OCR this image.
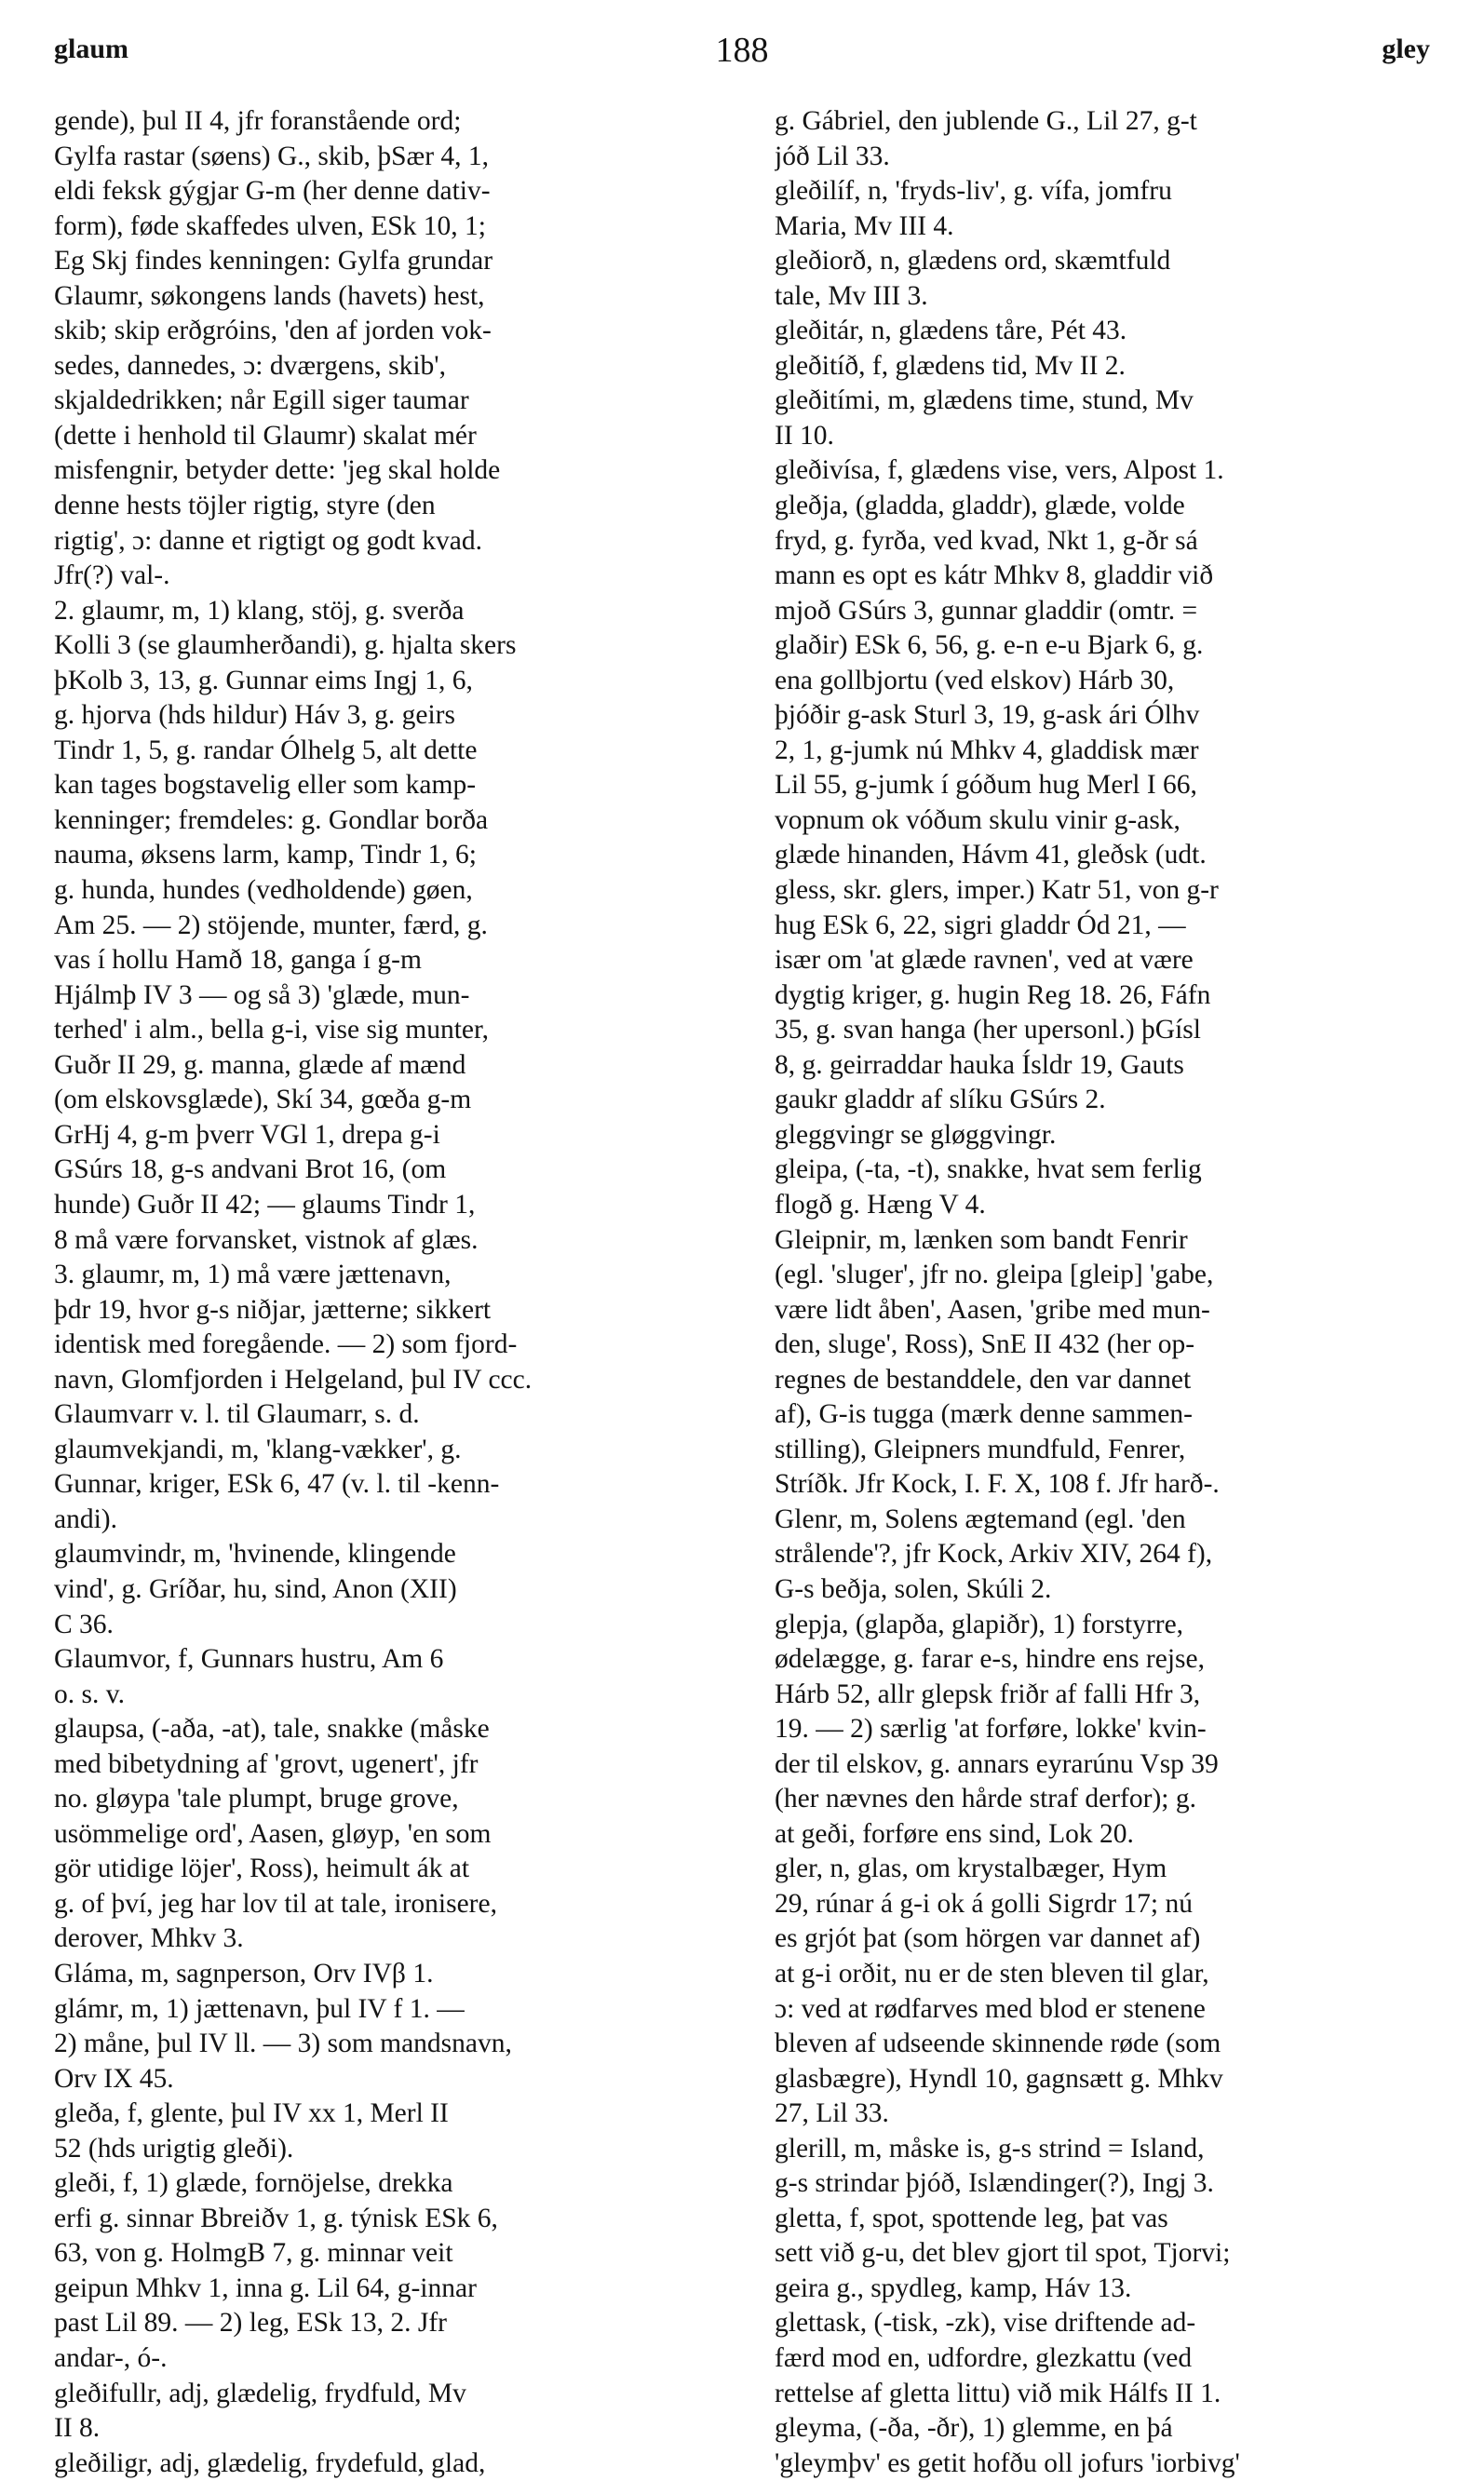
glaum	188	gley
gende), þul II 4, jfr foranstående ord;
Gylfa rastar (søens) G., skib, þSær 4, 1,
eldi feksk gýgjar G-m (her denne dativ-
form), føde skaffedes ulven, ESk 10, 1;
Eg Skj findes kenningen: Gylfa grundar
Glaumr, søkongens lands (havets) hest,
skib; skip erðgróins, 'den af jorden vok-
sedes, dannedes, ɔ: dværgens, skib',
skjaldedrikken; når Egill siger taumar
(dette i henhold til Glaumr) skalat mér
misfengnir, betyder dette: 'jeg skal holde
denne hests töjler rigtig, styre (den
rigtig', ɔ: danne et rigtigt og godt kvad.
Jfr(?) val-.
2. glaumr, m, 1) klang, stöj, g. sverða
Kolli 3 (se glaumherðandi), g. hjalta skers
þKolb 3, 13, g. Gunnar eims Ingj 1, 6,
g. hjorva (hds hildur) Háv 3, g. geirs
Tindr 1, 5, g. randar Ólhelg 5, alt dette
kan tages bogstavelig eller som kamp-
kenninger; fremdeles: g. Gondlar borða
nauma, øksens larm, kamp, Tindr 1, 6;
g. hunda, hundes (vedholdende) gøen,
Am 25. — 2) stöjende, munter, færd, g.
vas í hollu Hamð 18, ganga í g-m
Hjálmþ IV 3 — og så 3) 'glæde, mun-
terhed' i alm., bella g-i, vise sig munter,
Guðr II 29, g. manna, glæde af mænd
(om elskovsglæde), Skí 34, gœða g-m
GrHj 4, g-m þverr VGl 1, drepa g-i
GSúrs 18, g-s andvani Brot 16, (om
hunde) Guðr II 42; — glaums Tindr 1,
8 må være forvansket, vistnok af glæs.
3. glaumr, m, 1) må være jættenavn,
þdr 19, hvor g-s niðjar, jætterne; sikkert
identisk med foregående. — 2) som fjord-
navn, Glomfjorden i Helgeland, þul IV ccc.
Glaumvarr v. l. til Glaumarr, s. d.
glaumvekjandi, m, 'klang-vækker', g.
Gunnar, kriger, ESk 6, 47 (v. l. til -kenn-
andi).
glaumvindr, m, 'hvinende, klingende
vind', g. Gríðar, hu, sind, Anon (XII)
C 36.
Glaumvor, f, Gunnars hustru, Am 6
o. s. v.
glaupsa, (-aða, -at), tale, snakke (måske
med bibetydning af 'grovt, ugenert', jfr
no. gløypa 'tale plumpt, bruge grove,
usömmelige ord', Aasen, gløyp, 'en som
gör utidige löjer', Ross), heimult ák at
g. of því, jeg har lov til at tale, ironisere,
derover, Mhkv 3.
Gláma, m, sagnperson, Orv IVβ 1.
glámr, m, 1) jættenavn, þul IV f 1. —
2) måne, þul IV ll. — 3) som mandsnavn,
Orv IX 45.
gleða, f, glente, þul IV xx 1, Merl II
52 (hds urigtig gleði).
gleði, f, 1) glæde, fornöjelse, drekka
erfi g. sinnar Bbreiðv 1, g. týnisk ESk 6,
63, von g. HolmgB 7, g. minnar veit
geipun Mhkv 1, inna g. Lil 64, g-innar
past Lil 89. — 2) leg, ESk 13, 2. Jfr
andar-, ó-.
gleðifullr, adj, glædelig, frydfuld, Mv
II 8.
gleðiligr, adj, glædelig, frydefuld, glad,
g. Gábriel, den jublende G., Lil 27, g-t
jóð Lil 33.
gleðilíf, n, 'fryds-liv', g. vífa, jomfru
Maria, Mv III 4.
gleðiorð, n, glædens ord, skæmtfuld
tale, Mv III 3.
gleðitár, n, glædens tåre, Pét 43.
gleðitíð, f, glædens tid, Mv II 2.
gleðitími, m, glædens time, stund, Mv
II 10.
gleðivísa, f, glædens vise, vers, Alpost 1.
gleðja, (gladda, gladdr), glæde, volde
fryd, g. fyrða, ved kvad, Nkt 1, g-ðr sá
mann es opt es kátr Mhkv 8, gladdir við
mjoð GSúrs 3, gunnar gladdir (omtr. =
glaðir) ESk 6, 56, g. e-n e-u Bjark 6, g.
ena gollbjortu (ved elskov) Hárb 30,
þjóðir g-ask Sturl 3, 19, g-ask ári Ólhv
2, 1, g-jumk nú Mhkv 4, gladdisk mær
Lil 55, g-jumk í góðum hug Merl I 66,
vopnum ok vóðum skulu vinir g-ask,
glæde hinanden, Hávm 41, gleðsk (udt.
gless, skr. glers, imper.) Katr 51, von g-r
hug ESk 6, 22, sigri gladdr Ód 21, —
især om 'at glæde ravnen', ved at være
dygtig kriger, g. hugin Reg 18. 26, Fáfn
35, g. svan hanga (her upersonl.) þGísl
8, g. geirraddar hauka Ísldr 19, Gauts
gaukr gladdr af slíku GSúrs 2.
gleggvingr se gløggvingr.
gleipa, (-ta, -t), snakke, hvat sem ferlig
flogð g. Hæng V 4.
Gleipnir, m, lænken som bandt Fenrir
(egl. 'sluger', jfr no. gleipa [gleip] 'gabe,
være lidt åben', Aasen, 'gribe med mun-
den, sluge', Ross), SnE II 432 (her op-
regnes de bestanddele, den var dannet
af), G-is tugga (mærk denne sammen-
stilling), Gleipners mundfuld, Fenrer,
Stríðk. Jfr Kock, I. F. X, 108 f. Jfr harð-.
Glenr, m, Solens ægtemand (egl. 'den
strålende'?, jfr Kock, Arkiv XIV, 264 f),
G-s beðja, solen, Skúli 2.
glepja, (glapða, glapiðr), 1) forstyrre,
ødelægge, g. farar e-s, hindre ens rejse,
Hárb 52, allr glepsk friðr af falli Hfr 3,
19. — 2) særlig 'at forføre, lokke' kvin-
der til elskov, g. annars eyrarúnu Vsp 39
(her nævnes den hårde straf derfor); g.
at geði, forføre ens sind, Lok 20.
gler, n, glas, om krystalbæger, Hym
29, rúnar á g-i ok á golli Sigrdr 17; nú
es grjót þat (som hörgen var dannet af)
at g-i orðit, nu er de sten bleven til glar,
ɔ: ved at rødfarves med blod er stenene
bleven af udseende skinnende røde (som
glasbægre), Hyndl 10, gagnsætt g. Mhkv
27, Lil 33.
glerill, m, måske is, g-s strind = Island,
g-s strindar þjóð, Islændinger(?), Ingj 3.
gletta, f, spot, spottende leg, þat vas
sett við g-u, det blev gjort til spot, Tjorvi;
geira g., spydleg, kamp, Háv 13.
glettask, (-tisk, -zk), vise driftende ad-
færd mod en, udfordre, glezkattu (ved
rettelse af gletta littu) við mik Hálfs II 1.
gleyma, (-ða, -ðr), 1) glemme, en þá
'gleymþv' es getit hofðu oll jofurs 'iorbivg'
